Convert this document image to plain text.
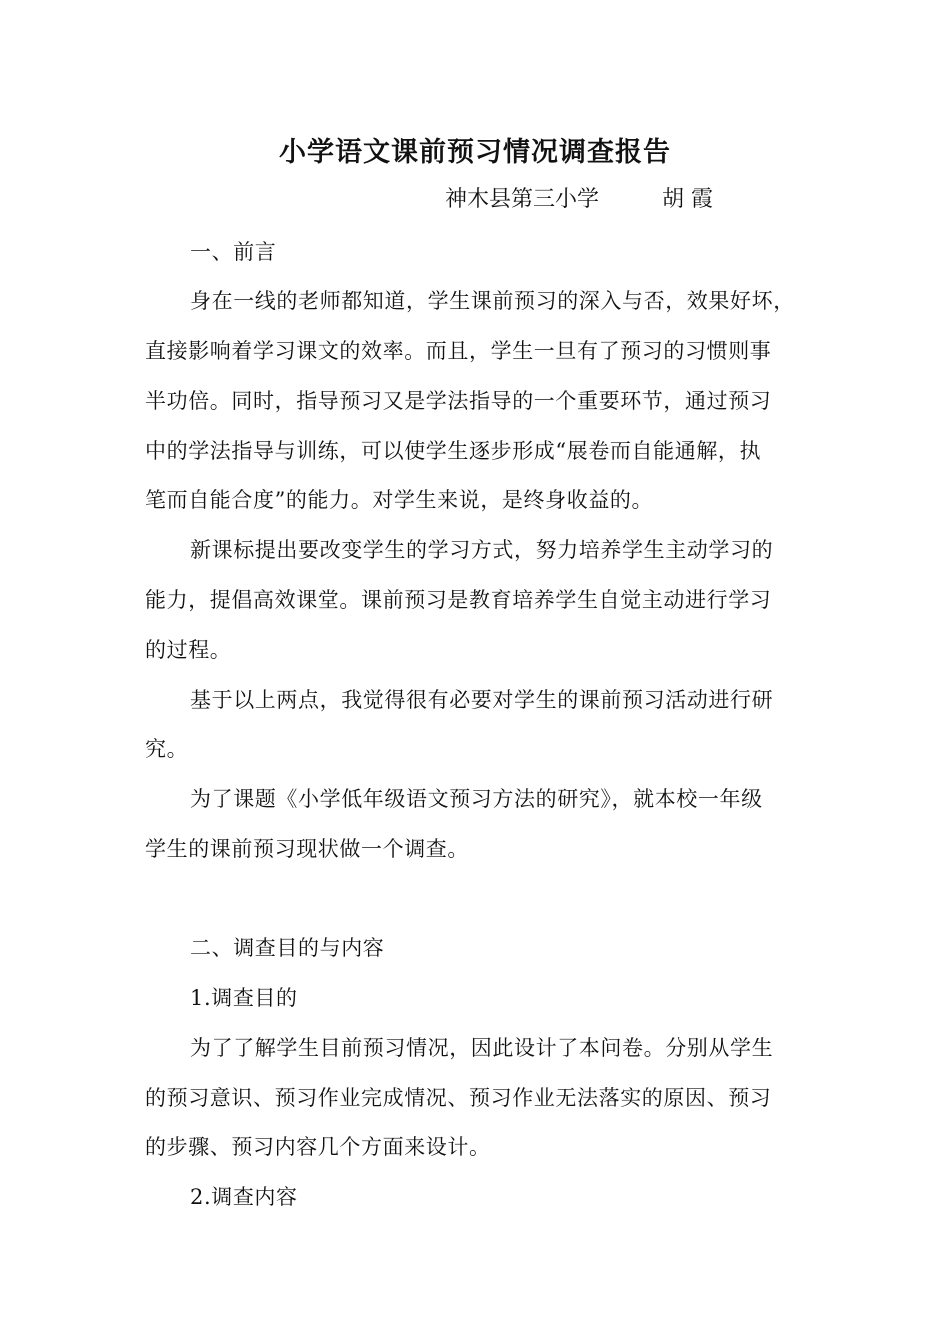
小学语文课前预习情况调查报告
神木县第三小学	胡 霞
一、前言
身在一线的老师都知道，学生课前预习的深入与否，效果好坏，
直接影响着学习课文的效率。而且，学生一旦有了预习的习惯则事
半功倍。同时，指导预习又是学法指导的一个重要环节，通过预习
中的学法指导与训练，可以使学生逐步形成“展卷而自能通解，执
笔而自能合度”的能力。对学生来说，是终身收益的。
新课标提出要改变学生的学习方式，努力培养学生主动学习的
能力，提倡高效课堂。课前预习是教育培养学生自觉主动进行学习
的过程。
基于以上两点，我觉得很有必要对学生的课前预习活动进行研
究。
为了课题《小学低年级语文预习方法的研究》，就本校一年级
学生的课前预习现状做一个调查。
二、调查目的与内容
1.调查目的
为了了解学生目前预习情况，因此设计了本问卷。分别从学生
的预习意识、预习作业完成情况、预习作业无法落实的原因、预习
的步骤、预习内容几个方面来设计。
2.调查内容
